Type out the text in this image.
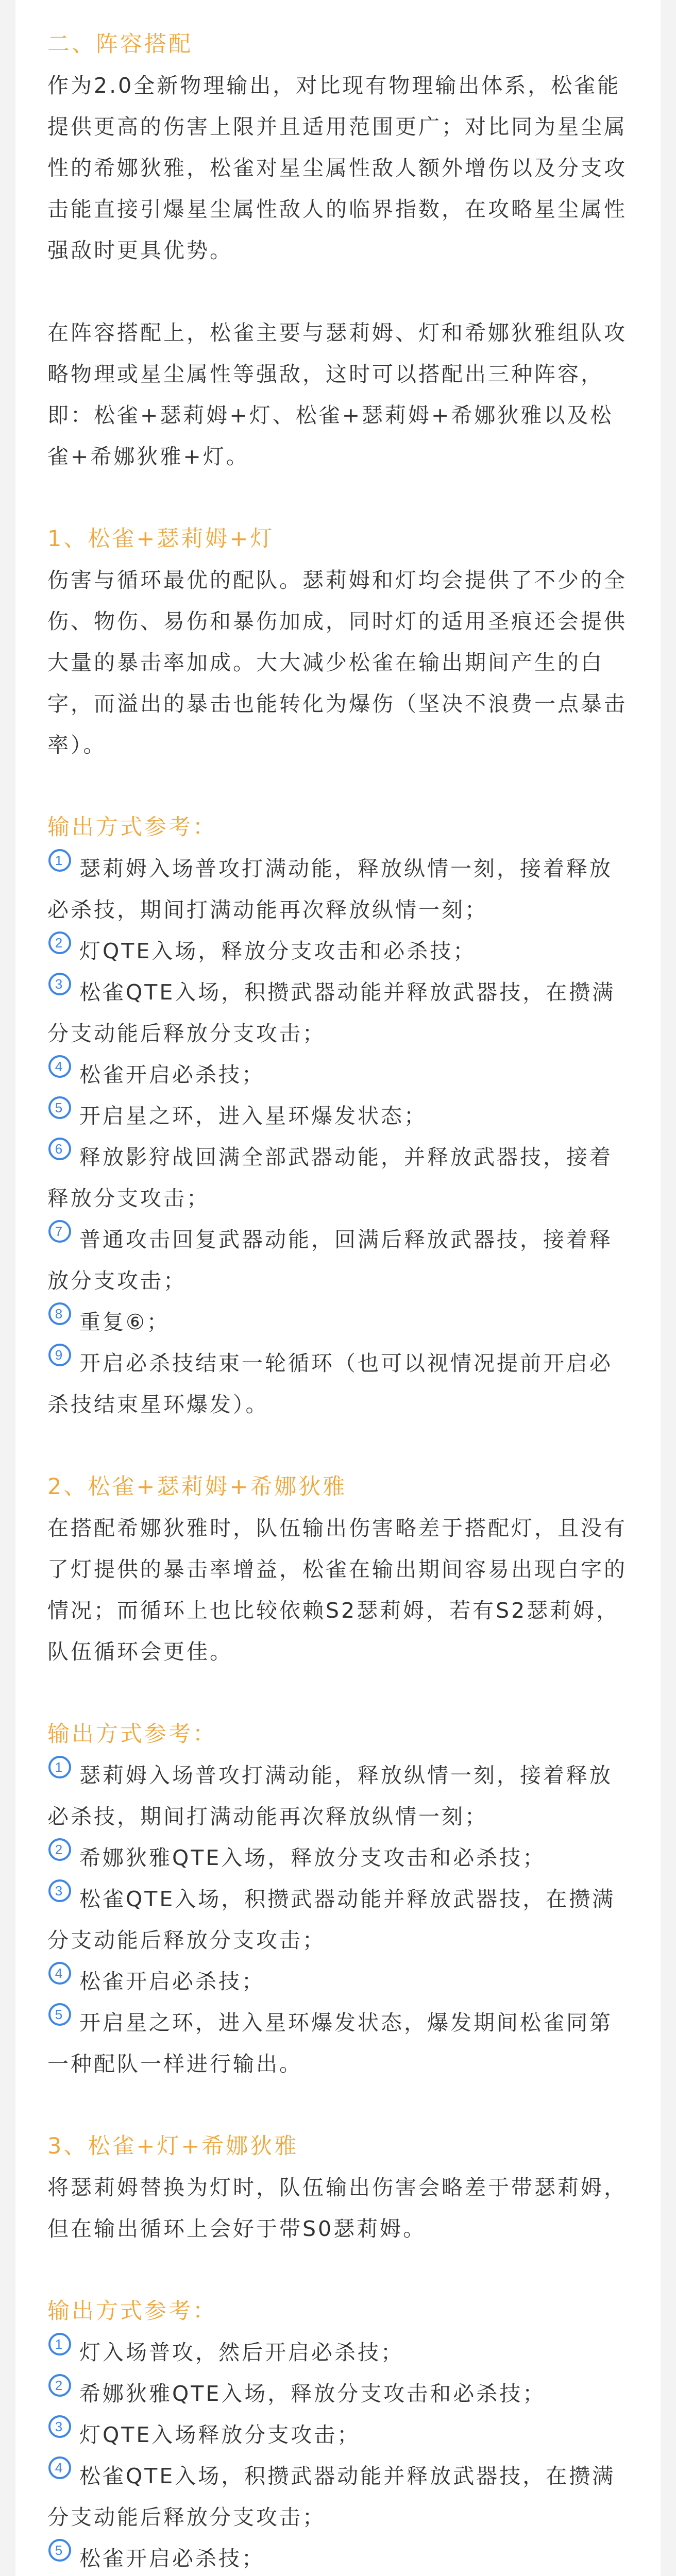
二、阵容搭配

作为2.0全新物理输出，对比现有物理输出体系，松雀能提供更高的伤害上限并且适用范围更广；对比同为星尘属性的希娜狄雅，松雀对星尘属性敌人额外增伤以及分支攻击能直接引爆星尘属性敌人的临界指数，在攻略星尘属性强敌时更具优势。

在阵容搭配上，松雀主要与瑟莉姆、灯和希娜狄雅组队攻略物理或星尘属性等强敌，这时可以搭配出三种阵容，即：松雀+瑟莉姆+灯、松雀+瑟莉姆+希娜狄雅以及松雀+希娜狄雅+灯。

1、松雀+瑟莉姆+灯

伤害与循环最优的配队。瑟莉姆和灯均会提供了不少的全伤、物伤、易伤和暴伤加成，同时灯的适用圣痕还会提供大量的暴击率加成。大大减少松雀在输出期间产生的白字，而溢出的暴击也能转化为爆伤（坚决不浪费一点暴击率）。

输出方式参考：

1 瑟莉姆入场普攻打满动能，释放纵情一刻，接着释放必杀技，期间打满动能再次释放纵情一刻；

2 灯QTE入场，释放分支攻击和必杀技；

3 松雀QTE入场，积攒武器动能并释放武器技，在攒满分支动能后释放分支攻击；

4 松雀开启必杀技；

5 开启星之环，进入星环爆发状态；

6 释放影狩战回满全部武器动能，并释放武器技，接着释放分支攻击；

7 普通攻击回复武器动能，回满后释放武器技，接着释放分支攻击；

8 重复⑥；

9 开启必杀技结束一轮循环（也可以视情况提前开启必杀技结束星环爆发）。

2、松雀+瑟莉姆+希娜狄雅

在搭配希娜狄雅时，队伍输出伤害略差于搭配灯，且没有了灯提供的暴击率增益，松雀在输出期间容易出现白字的情况；而循环上也比较依赖S2瑟莉姆，若有S2瑟莉姆，队伍循环会更佳。

输出方式参考：

1 瑟莉姆入场普攻打满动能，释放纵情一刻，接着释放必杀技，期间打满动能再次释放纵情一刻；

2 希娜狄雅QTE入场，释放分支攻击和必杀技；

3 松雀QTE入场，积攒武器动能并释放武器技，在攒满分支动能后释放分支攻击；

4 松雀开启必杀技；

5 开启星之环，进入星环爆发状态，爆发期间松雀同第一种配队一样进行输出。

3、松雀+灯+希娜狄雅

将瑟莉姆替换为灯时，队伍输出伤害会略差于带瑟莉姆，但在输出循环上会好于带S0瑟莉姆。

输出方式参考：

1 灯入场普攻，然后开启必杀技；

2 希娜狄雅QTE入场，释放分支攻击和必杀技；

3 灯QTE入场释放分支攻击；

4 松雀QTE入场，积攒武器动能并释放武器技，在攒满分支动能后释放分支攻击；

5 松雀开启必杀技；
